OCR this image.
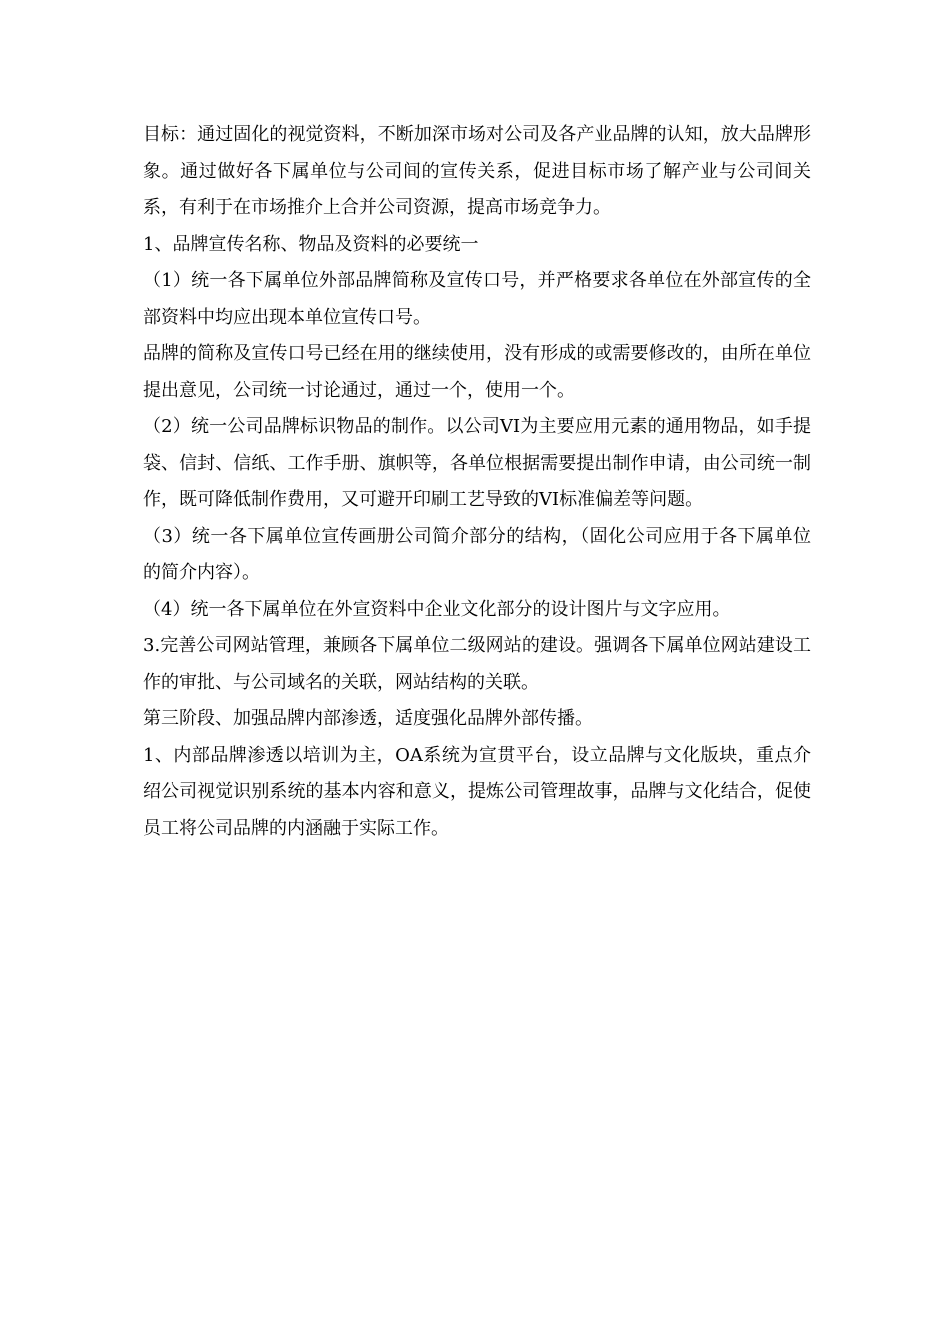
目标：通过固化的视觉资料，不断加深市场对公司及各产业品牌的认知，放大品牌形象。通过做好各下属单位与公司间的宣传关系，促进目标市场了解产业与公司间关系，有利于在市场推介上合并公司资源，提高市场竞争力。

1、品牌宣传名称、物品及资料的必要统一

（1）统一各下属单位外部品牌简称及宣传口号，并严格要求各单位在外部宣传的全部资料中均应出现本单位宣传口号。

品牌的简称及宣传口号已经在用的继续使用，没有形成的或需要修改的，由所在单位提出意见，公司统一讨论通过，通过一个，使用一个。

（2）统一公司品牌标识物品的制作。以公司VI为主要应用元素的通用物品，如手提袋、信封、信纸、工作手册、旗帜等，各单位根据需要提出制作申请，由公司统一制作，既可降低制作费用，又可避开印刷工艺导致的VI标准偏差等问题。

（3）统一各下属单位宣传画册公司简介部分的结构，（固化公司应用于各下属单位的简介内容）。

（4）统一各下属单位在外宣资料中企业文化部分的设计图片与文字应用。

3.完善公司网站管理，兼顾各下属单位二级网站的建设。强调各下属单位网站建设工作的审批、与公司域名的关联，网站结构的关联。

第三阶段、加强品牌内部渗透，适度强化品牌外部传播。

1、内部品牌渗透以培训为主，OA系统为宣贯平台，设立品牌与文化版块，重点介绍公司视觉识别系统的基本内容和意义，提炼公司管理故事，品牌与文化结合，促使员工将公司品牌的内涵融于实际工作。
